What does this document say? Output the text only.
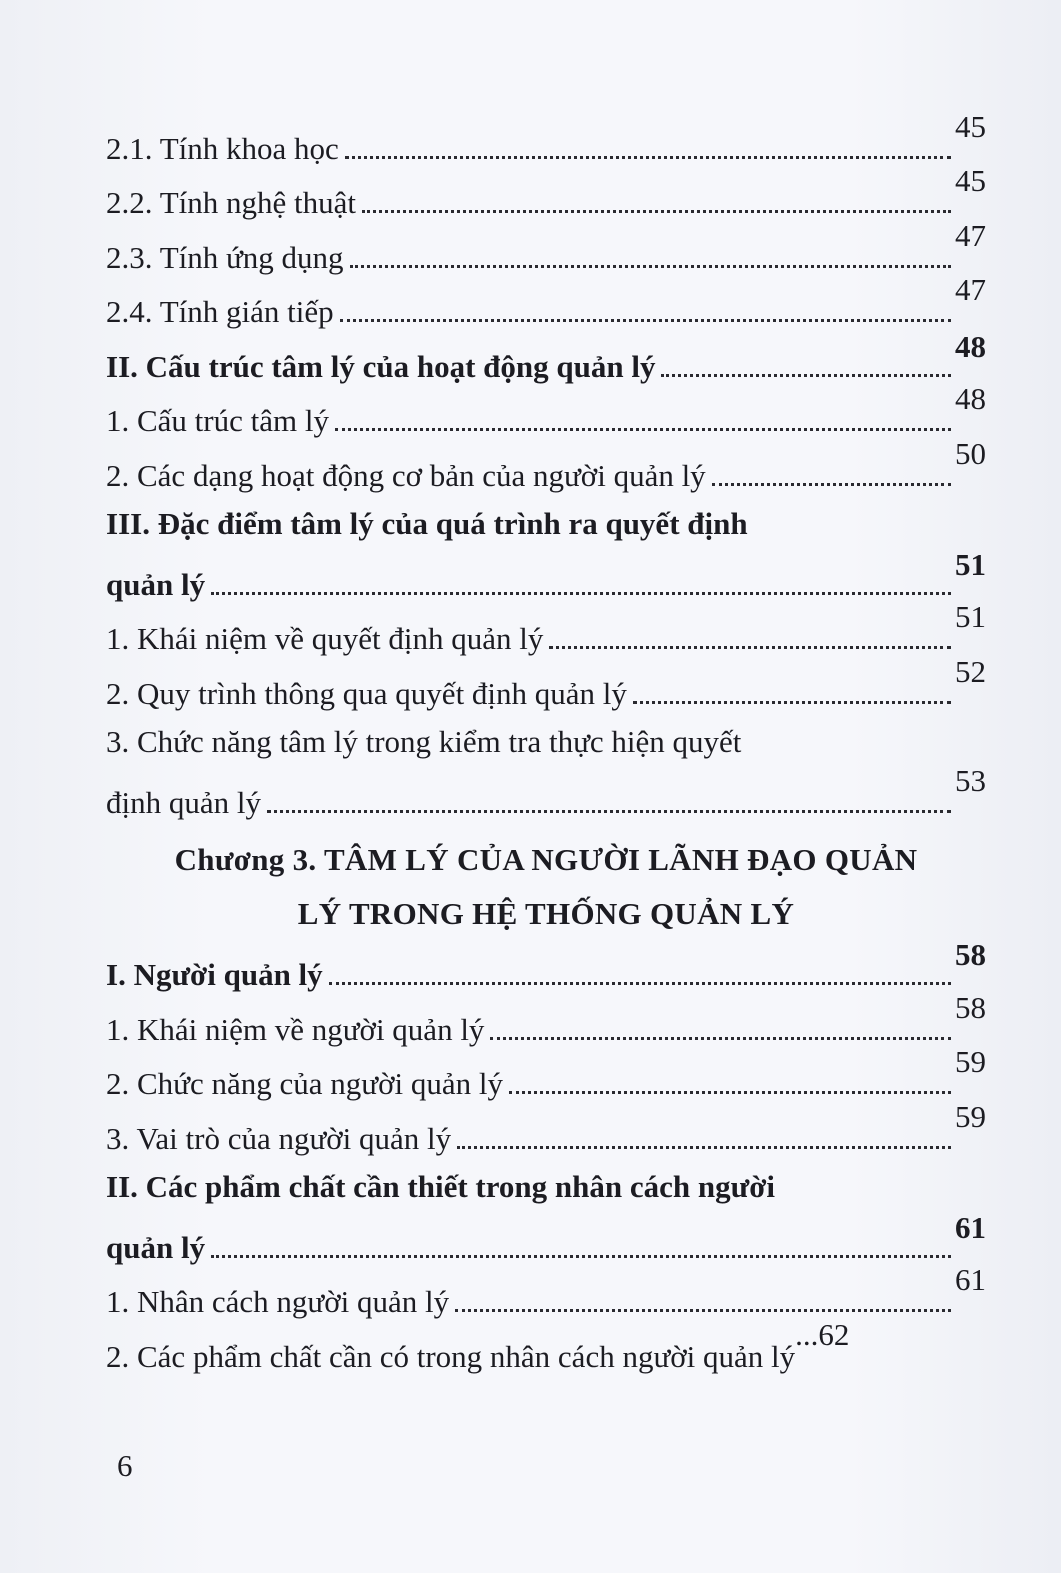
2.1. Tính khoa học
45
2.2. Tính nghệ thuật
45
2.3. Tính ứng dụng
47
2.4. Tính gián tiếp
47
II. Cấu trúc tâm lý của hoạt động quản lý
48
1. Cấu trúc tâm lý
48
2. Các dạng hoạt động cơ bản của người quản lý
50
III. Đặc điểm tâm lý của quá trình ra quyết định
quản lý
51
1. Khái niệm về quyết định quản lý
51
2. Quy trình thông qua quyết định quản lý
52
3. Chức năng tâm lý trong kiểm tra thực hiện quyết
định quản lý
53
Chương 3. TÂM LÝ CỦA NGƯỜI LÃNH ĐẠO QUẢN
LÝ TRONG HỆ THỐNG QUẢN LÝ
I. Người quản lý
58
1. Khái niệm về người quản lý
58
2. Chức năng của người quản lý
59
3. Vai trò của người quản lý
59
II. Các phẩm chất cần thiết trong nhân cách người
quản lý
61
1. Nhân cách người quản lý
61
2. Các phẩm chất cần có trong nhân cách người quản lý
...62
6
